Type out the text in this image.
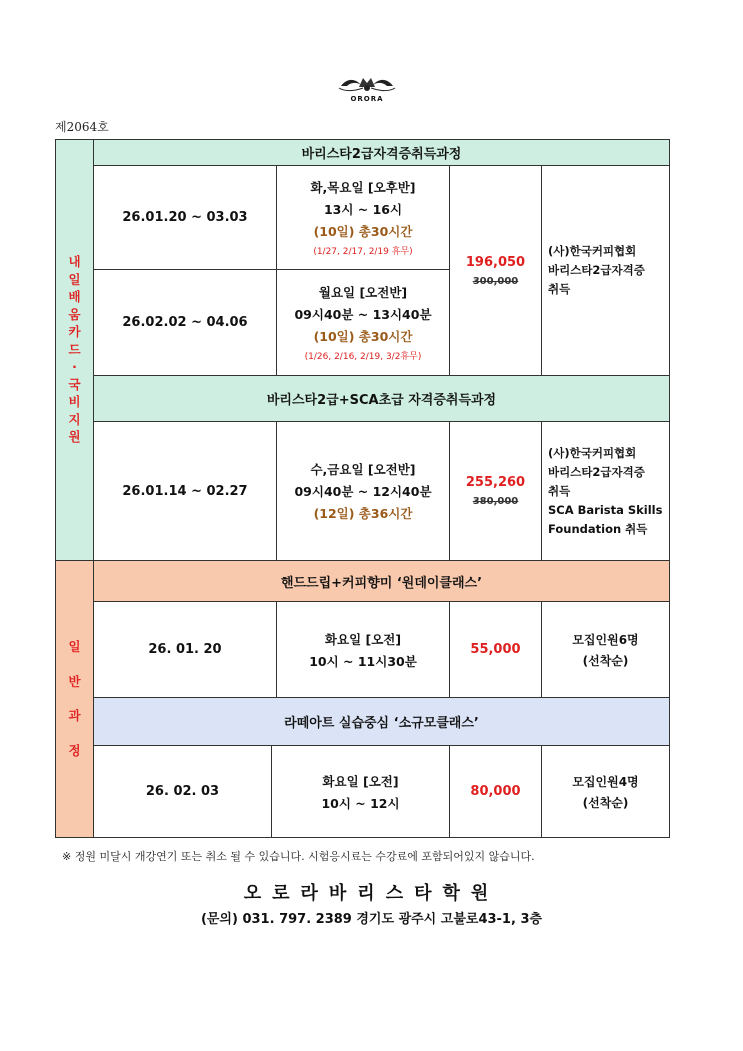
ORORA
제2064호
내
일
배
움
카
드
·
국
비
지
원
바리스타2급자격증취득과정
26.01.20 ~ 03.03
화,목요일 [오후반]
13시 ~ 16시
(10일) 총30시간
(1/27, 2/17, 2/19 휴무)
26.02.02 ~ 04.06
월요일 [오전반]
09시40분 ~ 13시40분
(10일) 총30시간
(1/26, 2/16, 2/19, 3/2휴무)
196,050
300,000
(사)한국커피협회
바리스타2급자격증
취득
바리스타2급+SCA초급 자격증취득과정
26.01.14 ~ 02.27
수,금요일 [오전반]
09시40분 ~ 12시40분
(12일) 총36시간
255,260
380,000
(사)한국커피협회
바리스타2급자격증
취득
SCA Barista Skills
Foundation 취득
일
반
과
정
핸드드립+커피향미 ‘원데이클래스’
26. 01. 20
화요일 [오전]
10시 ~ 11시30분
55,000
모집인원6명
(선착순)
라떼아트 실습중심 ‘소규모클래스’
26. 02. 03
화요일 [오전]
10시 ~ 12시
80,000
모집인원4명
(선착순)
※ 정원 미달시 개강연기 또는 취소 될 수 있습니다. 시험응시료는 수강료에 포함되어있지 않습니다.
오로라바리스타학원
(문의) 031. 797. 2389 경기도 광주시 고불로43-1, 3층
